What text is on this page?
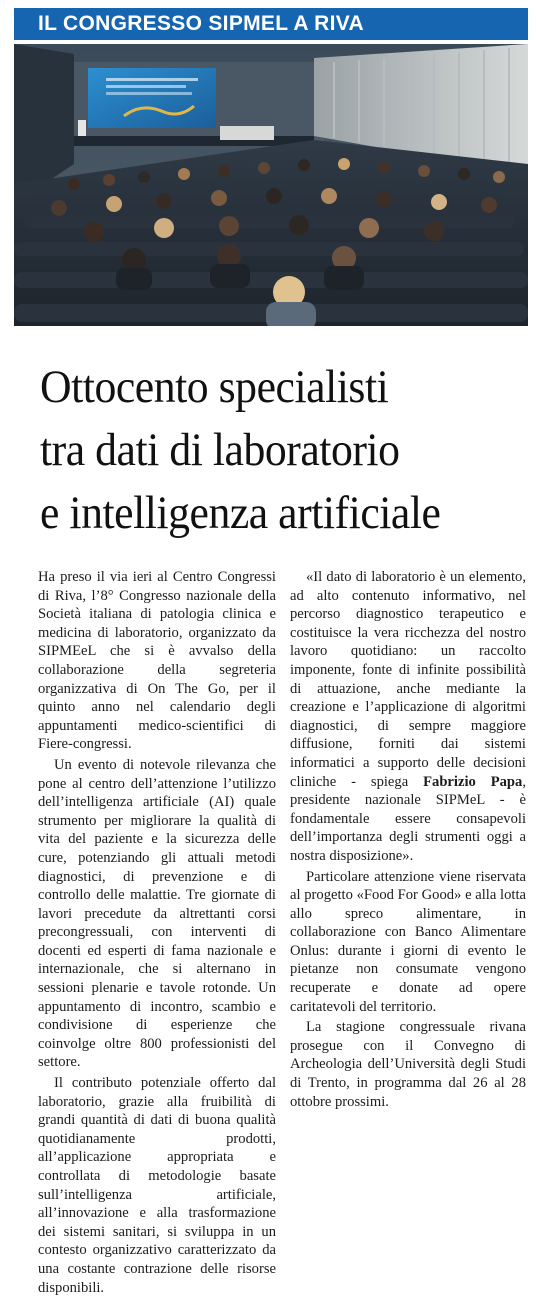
IL CONGRESSO SIPMEL A RIVA
Ottocento specialisti
tra dati di laboratorio
e intelligenza artificiale

Ha preso il via ieri al Centro Congressi di Riva, l’8° Congresso nazionale della Società italiana di patologia clinica e medicina di laboratorio, organizzato da SIPMEeL che si è avvalso della collaborazione della segreteria organizzativa di On The Go, per il quinto anno nel calendario degli appuntamenti medico-scientifici di Fiere-congressi.

Un evento di notevole rilevanza che pone al centro dell’attenzione l’utilizzo dell’intelligenza artificiale (AI) quale strumento per migliorare la qualità di vita del paziente e la sicurezza delle cure, potenziando gli attuali metodi diagnostici, di prevenzione e di controllo delle malattie. Tre giornate di lavori precedute da altrettanti corsi precongressuali, con interventi di docenti ed esperti di fama nazionale e internazionale, che si alternano in sessioni plenarie e tavole rotonde. Un appuntamento di incontro, scambio e condivisione di esperienze che coinvolge oltre 800 professionisti del settore.

Il contributo potenziale offerto dal laboratorio, grazie alla fruibilità di grandi quantità di dati di buona qualità quotidianamente prodotti, all’applicazione appropriata e controllata di metodologie basate sull’intelligenza artificiale, all’innovazione e alla trasformazione dei sistemi sanitari, si sviluppa in un contesto organizzativo caratterizzato da una costante contrazione delle risorse disponibili.

«Il dato di laboratorio è un elemento, ad alto contenuto informativo, nel percorso diagnostico terapeutico e costituisce la vera ricchezza del nostro lavoro quotidiano: un raccolto imponente, fonte di infinite possibilità di attuazione, anche mediante la creazione e l’applicazione di algoritmi diagnostici, di sempre maggiore diffusione, forniti dai sistemi informatici a supporto delle decisioni cliniche - spiega Fabrizio Papa, presidente nazionale SIPMeL - è fondamentale essere consapevoli dell’importanza degli strumenti oggi a nostra disposizione».

Particolare attenzione viene riservata al progetto «Food For Good» e alla lotta allo spreco alimentare, in collaborazione con Banco Alimentare Onlus: durante i giorni di evento le pietanze non consumate vengono recuperate e donate ad opere caritatevoli del territorio.

La stagione congressuale rivana prosegue con il Convegno di Archeologia dell’Università degli Studi di Trento, in programma dal 26 al 28 ottobre prossimi.
